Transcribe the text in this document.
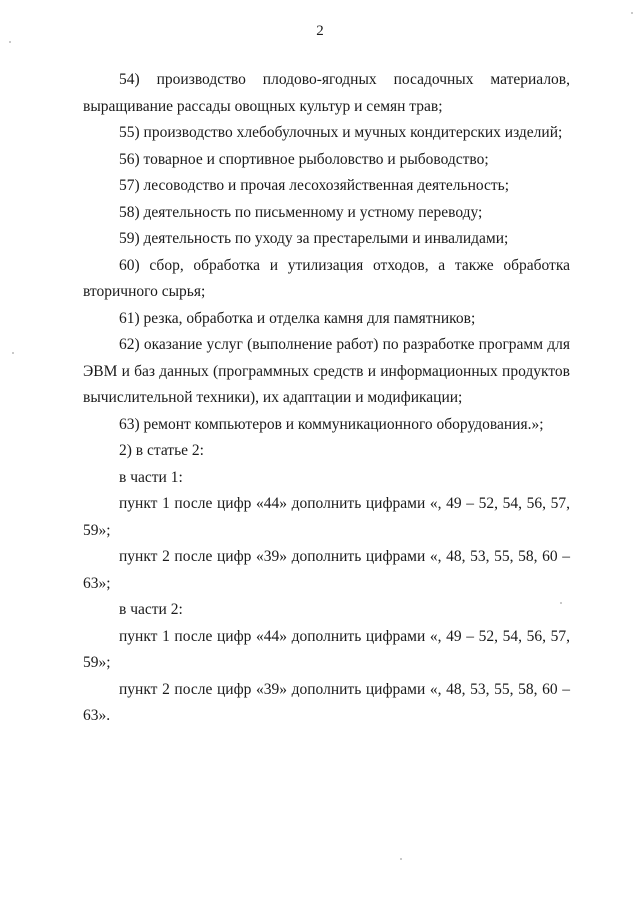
2

54) производство плодово-ягодных посадочных материалов, выращивание рассады овощных культур и семян трав;

55) производство хлебобулочных и мучных кондитерских изделий;

56) товарное и спортивное рыболовство и рыбоводство;

57) лесоводство и прочая лесохозяйственная деятельность;

58) деятельность по письменному и устному переводу;

59) деятельность по уходу за престарелыми и инвалидами;

60) сбор, обработка и утилизация отходов, а также обработка вторичного сырья;

61) резка, обработка и отделка камня для памятников;

62) оказание услуг (выполнение работ) по разработке программ для ЭВМ и баз данных (программных средств и информационных продуктов вычислительной техники), их адаптации и модификации;

63) ремонт компьютеров и коммуникационного оборудования.»;

2) в статье 2:

в части 1:

пункт 1 после цифр «44» дополнить цифрами «, 49 – 52, 54, 56, 57, 59»;

пункт 2 после цифр «39» дополнить цифрами «, 48, 53, 55, 58, 60 – 63»;

в части 2:

пункт 1 после цифр «44» дополнить цифрами «, 49 – 52, 54, 56, 57, 59»;

пункт 2 после цифр «39» дополнить цифрами «, 48, 53, 55, 58, 60 – 63».
